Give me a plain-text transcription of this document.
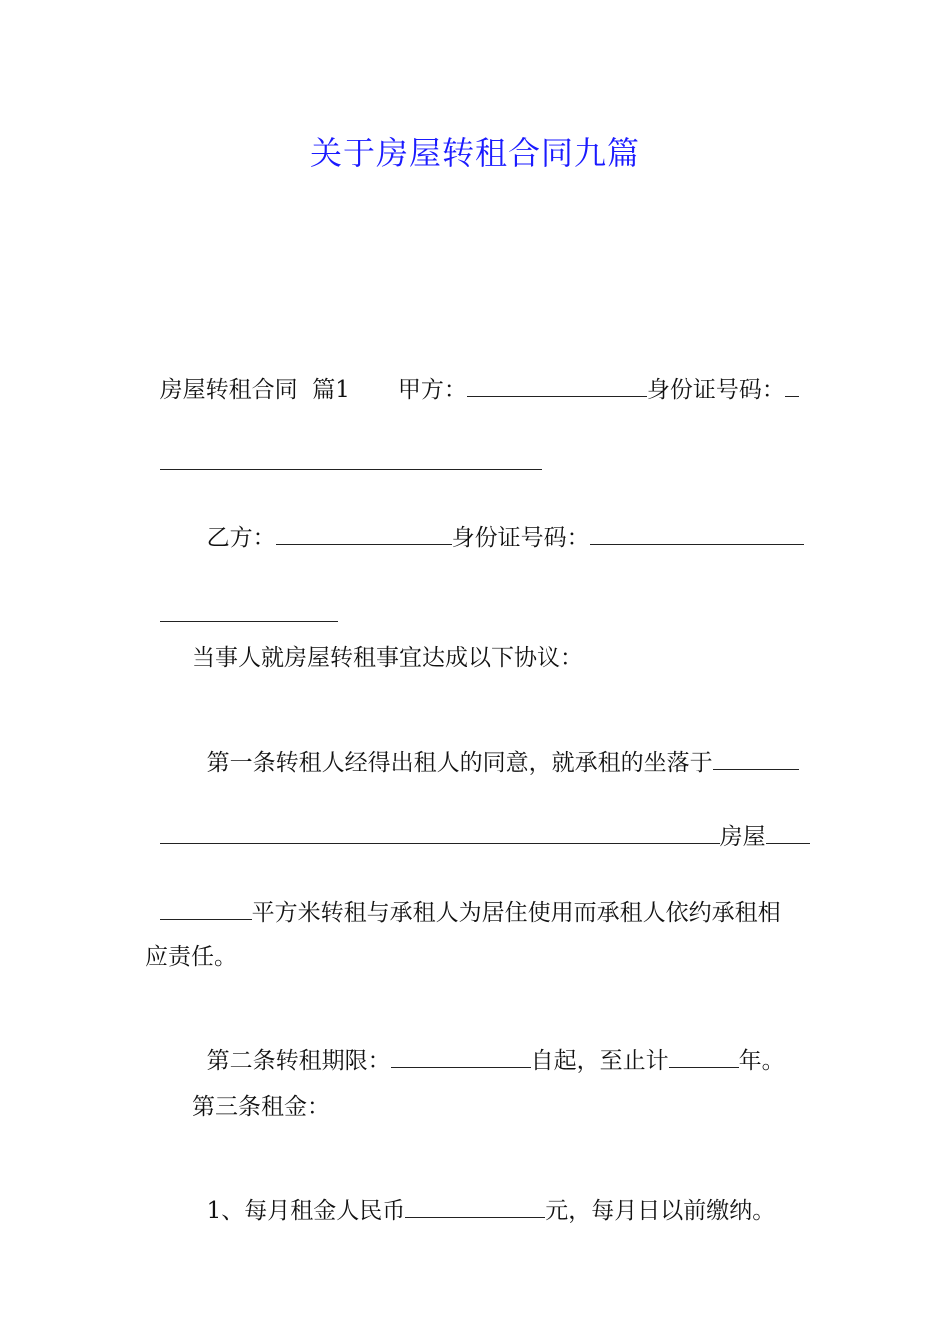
关于房屋转租合同九篇

房屋转租合同  篇1 甲方：	身份证号码：

乙方：	身份证号码：

当事人就房屋转租事宜达成以下协议：

第一条转租人经得出租人的同意，就承租的坐落于

房屋

平方米转租与承租人为居住使用而承租人依约承租相

应责任。

第二条转租期限：	自起，至止计	年。

第三条租金：

1、每月租金人民币	元，每月日以前缴纳。
